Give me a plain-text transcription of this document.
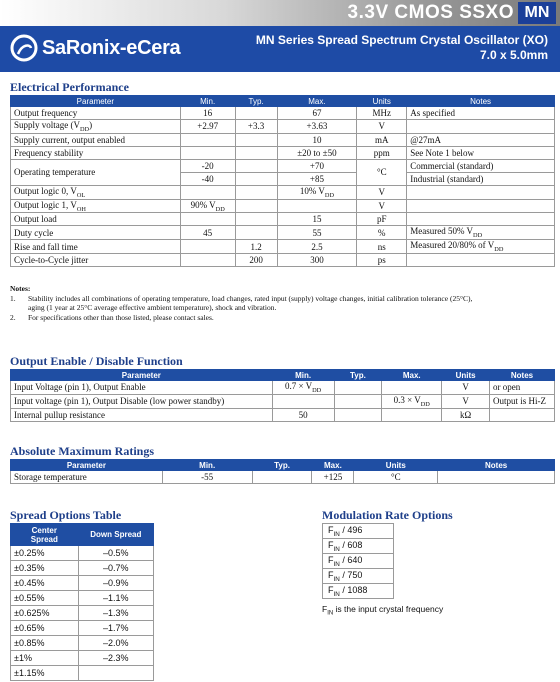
3.3V CMOS SSXO MN
SaRonix-eCera	MN Series Spread Spectrum Crystal Oscillator (XO)
7.0 x 5.0mm
Electrical Performance
Parameter	Min.	Typ.	Max.	Units	Notes
Output frequency	16		67	MHz	As specified
Supply voltage $(V_{DD})$	+2.97	+3.3	+3.63	V	
Supply current, output enabled			10	mA	@27mA
Frequency stability			±20 to ±50	ppm	See Note 1 below
Operating temperature	-20		+70	°C	Commercial (standard)
	-40		+85		Industrial (standard)
Output logic 0, $V_{OL}$			10% $V_{DD}$	V	
Output logic 1, $V_{OH}$	90% $V_{DD}$			V	
Output load			15	pF	
Duty cycle	45		55	%	Measured 50% $V_{DD}$
Rise and fall time		1.2	2.5	ns	Measured 20/80% of $V_{DD}$
Cycle-to-Cycle jitter		200	300	ps	
Notes:
1.	Stability includes all combinations of operating temperature, load changes, rated input (supply) voltage changes, initial calibration tolerance (25°C),
aging (1 year at 25°C average effective ambient temperature), shock and vibration.
2.	For specifications other than those listed, please contact sales.
Output Enable / Disable Function
Parameter	Min.	Typ.	Max.	Units	Notes
Input Voltage (pin 1), Output Enable	$0.7 \times V_{DD}$			V	or open
Input voltage (pin 1), Output Disable (low power standby)			$0.3 \times V_{DD}$	V	Output is Hi-Z
Internal pullup resistance	50			kΩ	
Absolute Maximum Ratings
Parameter	Min.	Typ.	Max.	Units	Notes
Storage temperature	-55		+125	°C	
Spread Options Table
Center
Spread	Down Spread
±0.25%	–0.5%
±0.35%	–0.7%
±0.45%	–0.9%
±0.55%	–1.1%
±0.625%	–1.3%
±0.65%	–1.7%
±0.85%	–2.0%
±1%	–2.3%
±1.15%	
Modulation Rate Options
$F_{IN} / 496$
$F_{IN} / 608$
$F_{IN} / 640$
$F_{IN} / 750$
$F_{IN} / 1088$
$F_{IN}$ is the input crystal frequency
